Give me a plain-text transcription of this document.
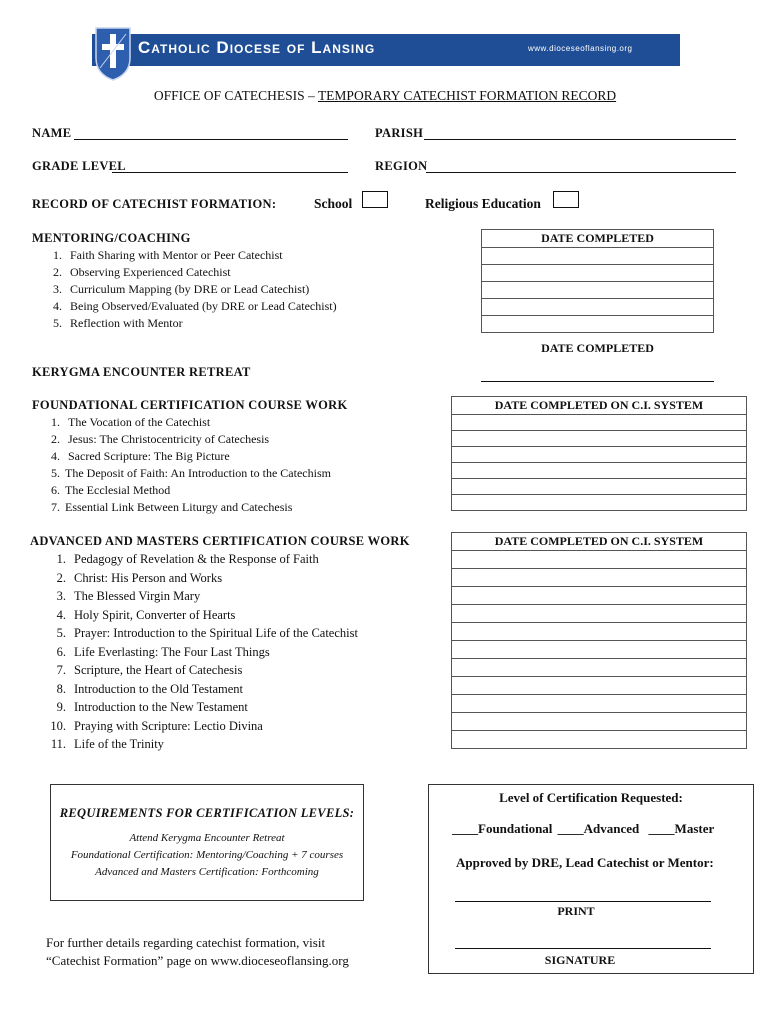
Catholic Diocese of Lansing	www.dioceseoflansing.org
OFFICE OF CATECHESIS – TEMPORARY CATECHIST FORMATION RECORD
NAME	PARISH
GRADE LEVEL	REGION
RECORD OF CATECHIST FORMATION:	School	Religious Education
MENTORING/COACHING
1. Faith Sharing with Mentor or Peer Catechist
2. Observing Experienced Catechist
3. Curriculum Mapping (by DRE or Lead Catechist)
4. Being Observed/Evaluated (by DRE or Lead Catechist)
5. Reflection with Mentor
DATE COMPLETED

DATE COMPLETED
KERYGMA ENCOUNTER RETREAT
FOUNDATIONAL CERTIFICATION COURSE WORK
1. The Vocation of the Catechist
2. Jesus: The Christocentricity of Catechesis
4. Sacred Scripture: The Big Picture
5. The Deposit of Faith: An Introduction to the Catechism
6. The Ecclesial Method
7. Essential Link Between Liturgy and Catechesis
DATE COMPLETED ON C.I. SYSTEM

ADVANCED AND MASTERS CERTIFICATION COURSE WORK
1. Pedagogy of Revelation & the Response of Faith
2. Christ: His Person and Works
3. The Blessed Virgin Mary
4. Holy Spirit, Converter of Hearts
5. Prayer: Introduction to the Spiritual Life of the Catechist
6. Life Everlasting: The Four Last Things
7. Scripture, the Heart of Catechesis
8. Introduction to the Old Testament
9. Introduction to the New Testament
10. Praying with Scripture: Lectio Divina
11. Life of the Trinity
DATE COMPLETED ON C.I. SYSTEM

REQUIREMENTS FOR CERTIFICATION LEVELS:
Attend Kerygma Encounter Retreat
Foundational Certification: Mentoring/Coaching + 7 courses
Advanced and Masters Certification: Forthcoming
For further details regarding catechist formation, visit
“Catechist Formation” page on www.dioceseoflansing.org
Level of Certification Requested:
____Foundational ____Advanced ____Master
Approved by DRE, Lead Catechist or Mentor:
PRINT
SIGNATURE
